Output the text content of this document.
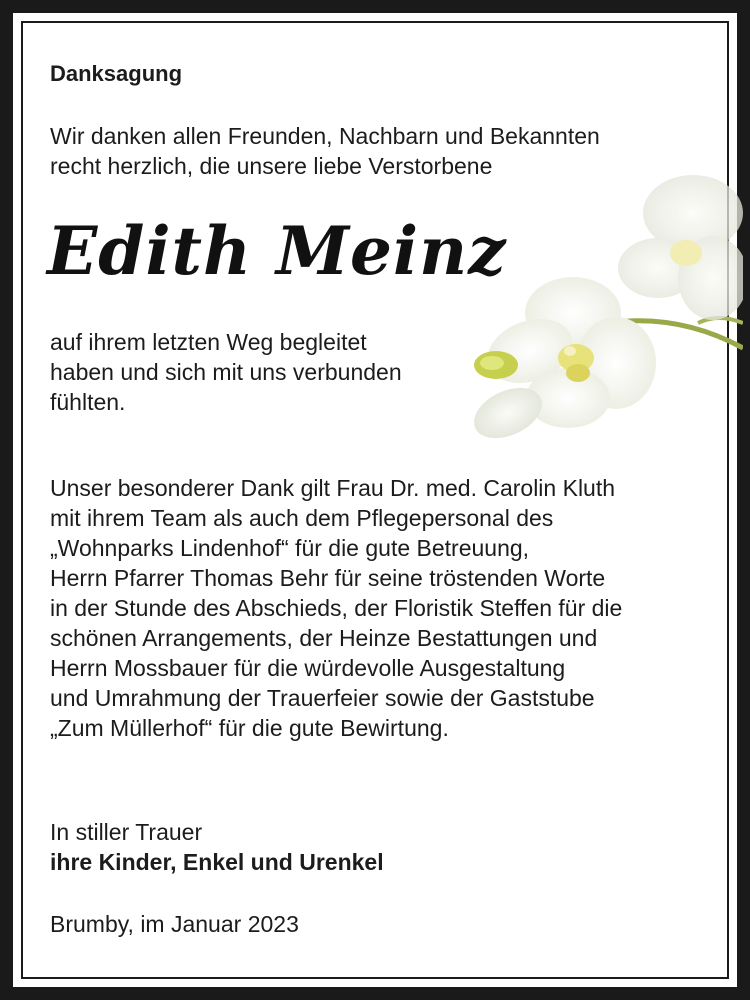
Danksagung

Wir danken allen Freunden, Nachbarn und Bekannten
recht herzlich, die unsere liebe Verstorbene

Edith Meinz

auf ihrem letzten Weg begleitet
haben und sich mit uns verbunden
fühlten.

Unser besonderer Dank gilt Frau Dr. med. Carolin Kluth
mit ihrem Team als auch dem Pflegepersonal des
„Wohnparks Lindenhof“ für die gute Betreuung,
Herrn Pfarrer Thomas Behr für seine tröstenden Worte
in der Stunde des Abschieds, der Floristik Steffen für die
schönen Arrangements, der Heinze Bestattungen und
Herrn Mossbauer für die würdevolle Ausgestaltung
und Umrahmung der Trauerfeier sowie der Gaststube
„Zum Müllerhof“ für die gute Bewirtung.

In stiller Trauer

ihre Kinder, Enkel und Urenkel

Brumby, im Januar 2023
